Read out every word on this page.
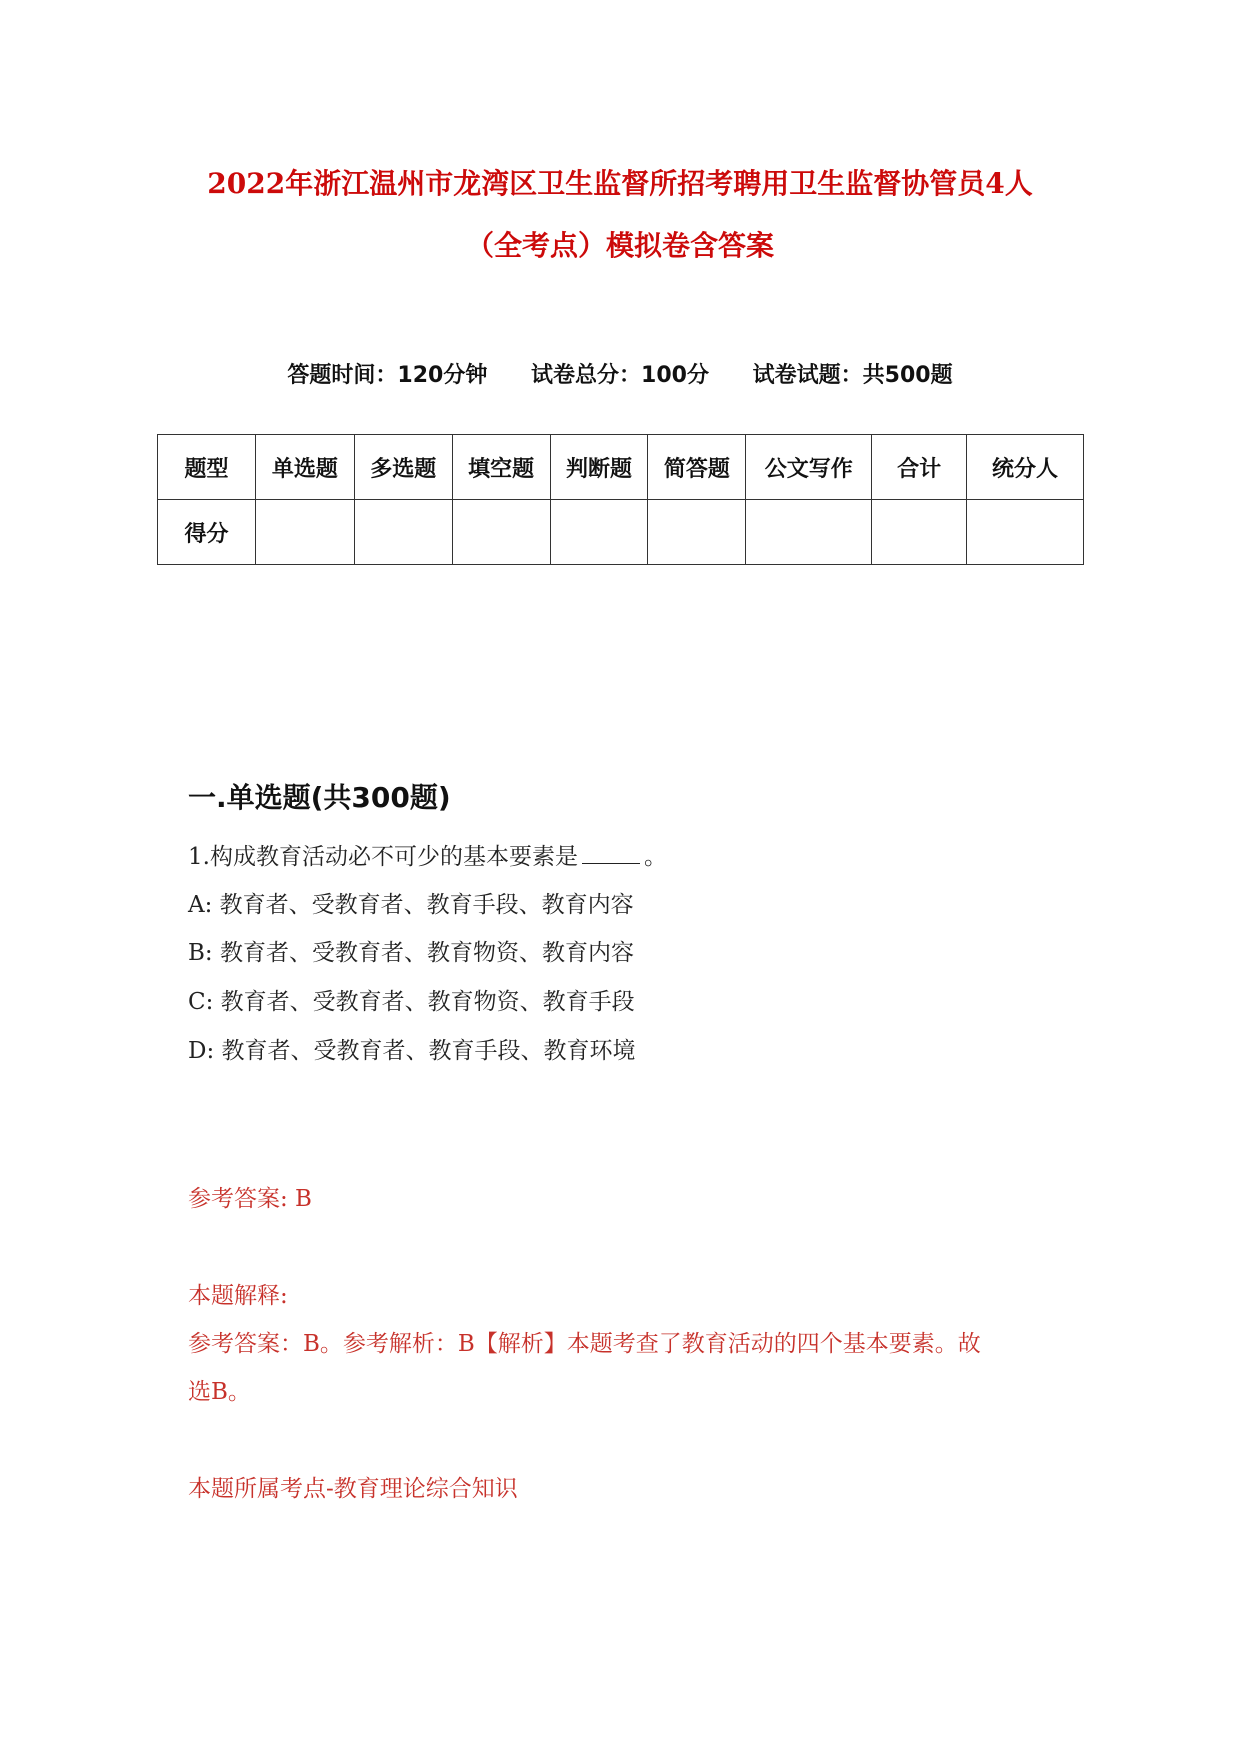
2022年浙江温州市龙湾区卫生监督所招考聘用卫生监督协管员4人
（全考点）模拟卷含答案
答题时间：120分钟 试卷总分：100分 试卷试题：共500题
题型	单选题	多选题	填空题	判断题	简答题	公文写作	合计	统分人
得分								
一.单选题(共300题)
1.构成教育活动必不可少的基本要素是	。
A: 教育者、受教育者、教育手段、教育内容
B: 教育者、受教育者、教育物资、教育内容
C: 教育者、受教育者、教育物资、教育手段
D: 教育者、受教育者、教育手段、教育环境
参考答案: B
本题解释:
参考答案：B。参考解析：B【解析】本题考查了教育活动的四个基本要素。故
选B。
本题所属考点-教育理论综合知识
